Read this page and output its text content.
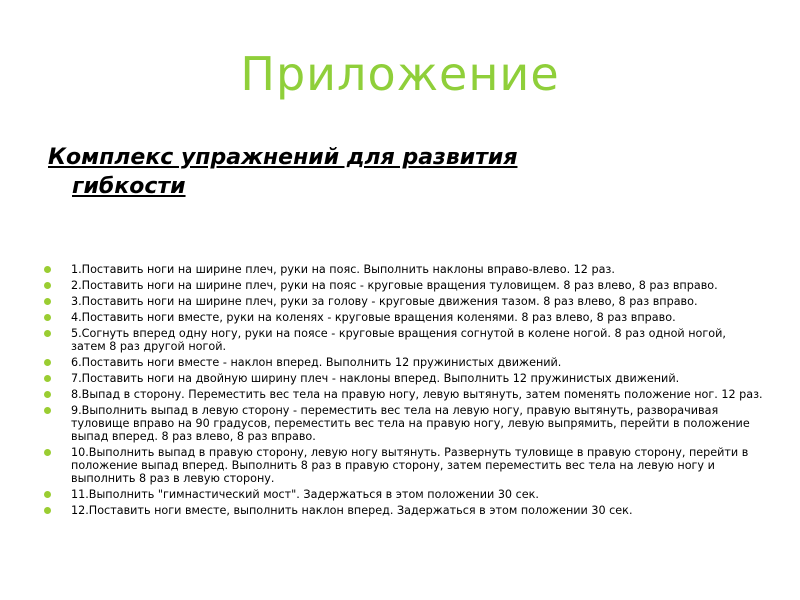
Приложение
Комплекс упражнений для развития
гибкости
1.Поставить ноги на ширине плеч, руки на пояс. Выполнить наклоны вправо-влево. 12 раз.
2.Поставить ноги на ширине плеч, руки на пояс - круговые вращения туловищем. 8 раз влево, 8 раз вправо.
3.Поставить ноги на ширине плеч, руки за голову - круговые движения тазом. 8 раз влево, 8 раз вправо.
4.Поставить ноги вместе, руки на коленях - круговые вращения коленями. 8 раз влево, 8 раз вправо.
5.Согнуть вперед одну ногу, руки на поясе - круговые вращения согнутой в колене ногой. 8 раз одной ногой, затем 8 раз другой ногой.
6.Поставить ноги вместе - наклон вперед. Выполнить 12 пружинистых движений.
7.Поставить ноги на двойную ширину плеч - наклоны вперед. Выполнить 12 пружинистых движений.
8.Выпад в сторону. Переместить вес тела на правую ногу, левую вытянуть, затем поменять положение ног. 12 раз.
9.Выполнить выпад в левую сторону - переместить вес тела на левую ногу, правую вытянуть, разворачивая туловище вправо на 90 градусов, переместить вес тела на правую ногу, левую выпрямить, перейти в положение выпад вперед. 8 раз влево, 8 раз вправо.
10.Выполнить выпад в правую сторону, левую ногу вытянуть. Развернуть туловище в правую сторону, перейти в положение выпад вперед. Выполнить 8 раз в правую сторону, затем переместить вес тела на левую ногу и выполнить 8 раз в левую сторону.
11.Выполнить "гимнастический мост". Задержаться в этом положении 30 сек.
12.Поставить ноги вместе, выполнить наклон вперед. Задержаться в этом положении 30 сек.
